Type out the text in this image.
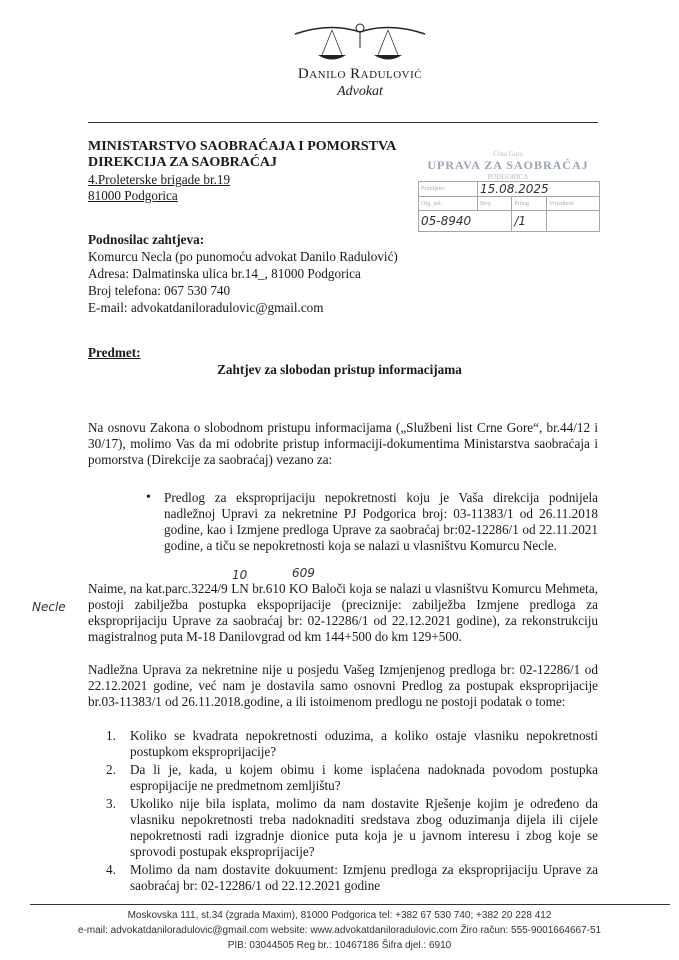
Danilo Radulović
Advokat
MINISTARSTVO SAOBRAĆAJA I POMORSTVA
DIREKCIJA ZA SAOBRAĆAJ
4.Proleterske brigade br.19
81000 Podgorica
Crna Gora
UPRAVA ZA SAOBRAĆAJ
PODGORICA
Primljeno	15.08.2025		
Org. jed.	Broj	Prilog	Vrijednost
05-8940		/1	
Podnosilac zahtjeva:
Komurcu Necla (po punomoću advokat Danilo Radulović)
Adresa: Dalmatinska ulica br.14_, 81000 Podgorica
Broj telefona: 067 530 740
E-mail: advokatdaniloradulovic@gmail.com
Predmet:
Zahtjev za slobodan pristup informacijama
Na osnovu Zakona o slobodnom pristupu informacijama („Službeni list Crne Gore“, br.44/12 i 30/17), molimo Vas da mi odobrite pristup informaciji-dokumentima Ministarstva saobraćaja i pomorstva (Direkcije za saobraćaj) vezano za:
• Predlog za eksproprijaciju nepokretnosti koju je Vaša direkcija podnijela nadležnoj Upravi za nekretnine PJ Podgorica broj: 03-11383/1 od 26.11.2018 godine, kao i Izmjene predloga Uprave za saobraćaj br:02-12286/1 od 22.11.2021 godine, a tiču se nepokretnosti koja se nalazi u vlasništvu Komurcu Necle.
10	609
Necle
Naime, na kat.parc.3224/9 LN br.610 KO Baloči koja se nalazi u vlasništvu Komurcu Mehmeta, postoji zabilježba postupka ekspoprijacije (preciznije: zabilježba Izmjene predloga za eksproprijaciju Uprave za saobraćaj br: 02-12286/1 od 22.12.2021 godine), za rekonstrukciju magistralnog puta M-18 Danilovgrad od km 144+500 do km 129+500.
Nadležna Uprava za nekretnine nije u posjedu Vašeg Izmjenjenog predloga br: 02-12286/1 od 22.12.2021 godine, već nam je dostavila samo osnovni Predlog za postupak eksproprijacije br.03-11383/1 od 26.11.2018.godine, a ili istoimenom predlogu ne postoji podatak o tome:
1.	Koliko se kvadrata nepokretnosti oduzima, a koliko ostaje vlasniku nepokretnosti postupkom eksproprijacije?
2.	Da li je, kada, u kojem obimu i kome isplaćena nadoknada povodom postupka espropijacije ne predmetnom zemljištu?
3.	Ukoliko nije bila isplata, molimo da nam dostavite Rješenje kojim je određeno da vlasniku nepokretnosti treba nadoknaditi sredstava zbog oduzimanja dijela ili cijele nepokretnosti radi izgradnje dionice puta koja je u javnom interesu i zbog koje se sprovodi postupak eksproprijacije?
4.	Molimo da nam dostavite dokuument: Izmjenu predloga za eksproprijaciju Uprave za saobraćaj br: 02-12286/1 od 22.12.2021 godine
Moskovska 111, st.34 (zgrada Maxim), 81000 Podgorica tel: +382 67 530 740; +382 20 228 412
e-mail: advokatdaniloradulovic@gmail.com website: www.advokatdaniloradulovic.com Žiro račun: 555-9001664667-51
PIB: 03044505 Reg br.: 10467186 Šifra djel.: 6910
